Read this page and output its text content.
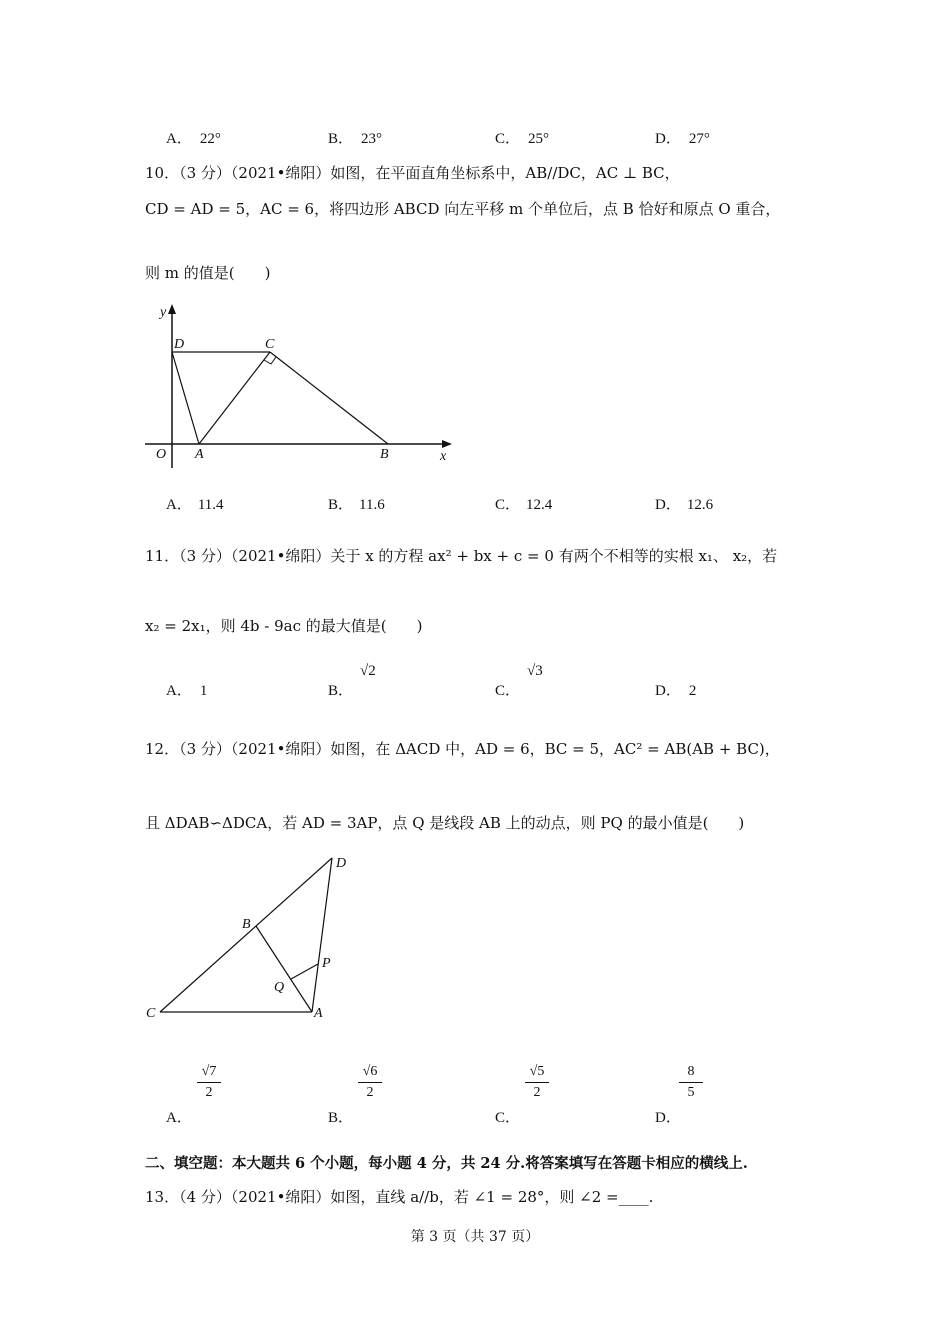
A． 22°	B． 23°	C． 25°	D． 27°
10．（3 分）（2021•绵阳）如图，在平面直角坐标系中，AB//DC，AC ⊥ BC，
CD = AD = 5，AC = 6，将四边形 ABCD 向左平移 m 个单位后，点 B 恰好和原点 O 重合，
则 m 的值是(　　)
y
x
O A	B
C
D
A． 11.4	B． 11.6	C． 12.4	D． 12.6
11．（3 分）（2021•绵阳）关于 x 的方程 ax² + bx + c = 0 有两个不相等的实根 x₁、 x₂，若
x₂ = 2x₁，则 4b - 9ac 的最大值是(　　)
A． 1	B．
√2
C．
√3
D． 2
12．（3 分）（2021•绵阳）如图，在 ΔACD 中，AD = 6，BC = 5，AC² = AB(AB + BC)，
且 ΔDAB∽ΔDCA，若 AD = 3AP，点 Q 是线段 AB 上的动点，则 PQ 的最小值是(　　)
D
B
P
Q
C	A
A．
√7
2
B．
√6
2
C．
√5
2
D．
8
5
二、填空题：本大题共 6 个小题，每小题 4 分，共 24 分.将答案填写在答题卡相应的横线上.
13．（4 分）（2021•绵阳）如图，直线 a//b，若 ∠1 = 28°，则 ∠2 =____.
第 3 页（共 37 页）
